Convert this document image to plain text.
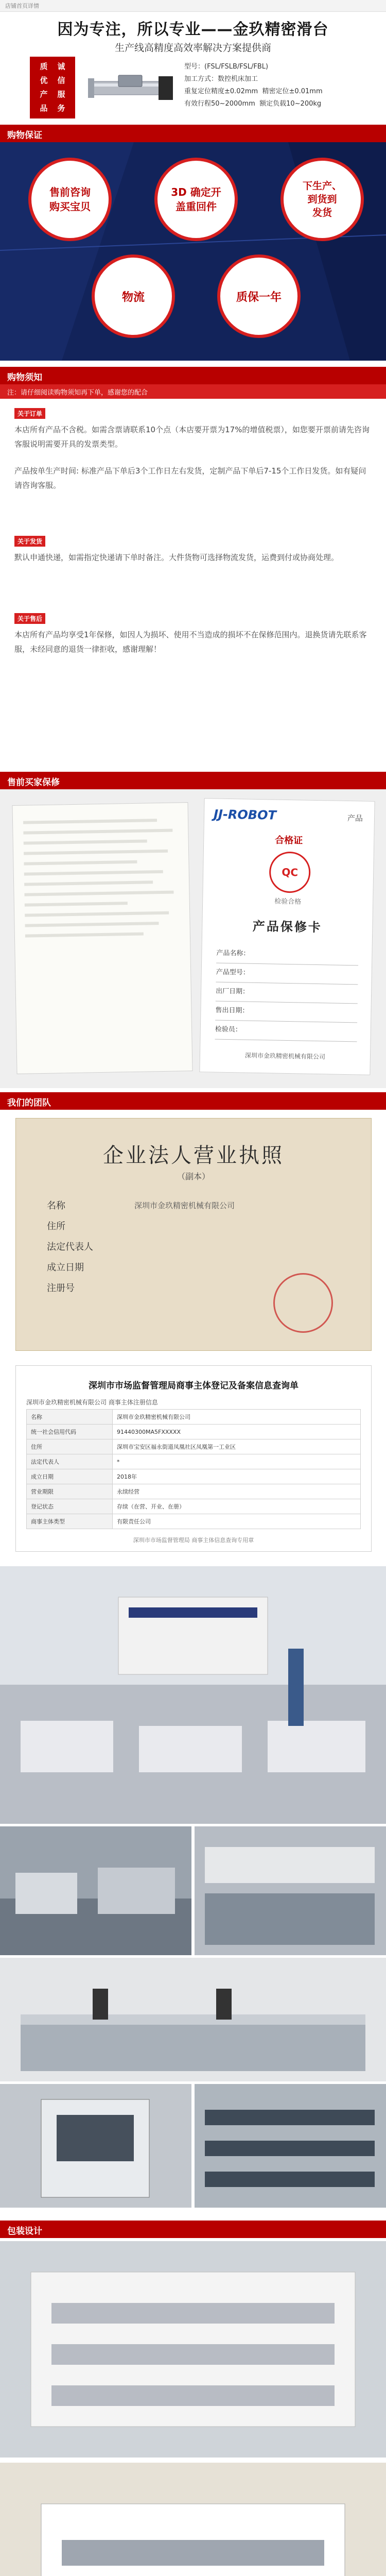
店铺首页详情
因为专注，所以专业——金玖精密滑台
生产线高精度高效率解决方案提供商
质
优
产
品
诚
信
服
务
型号：(FSL/FSLB/FSL/FBL)
加工方式：数控机床加工
重复定位精度±0.02mm 精密定位±0.01mm
有效行程50~2000mm 额定负载10~200kg
购物保证
售前咨询
购买宝贝
3D 确定开
盖重回件
下生产、
到货到
发货
物流	质保一年
购物须知
注：请仔细阅读购物须知再下单，感谢您的配合
关于订单
本店所有产品不含税。如需含票请联系10个点（本店要开票为17%的增值税票），如您要开票前请先咨询客服说明需要开具的发票类型。
产品按单生产时间: 标准产品下单后3个工作日左右发货，定制产品下单后7-15个工作日发货。如有疑问请咨询客服。
关于发货
默认申通快递，如需指定快递请下单时备注。大件货物可选择物流发货，运费到付或协商处理。
关于售后
本店所有产品均享受1年保修，如因人为损坏、使用不当造成的损坏不在保修范围内。退换货请先联系客服，未经同意的退货一律拒收，感谢理解！
售前买家保修
JJ-ROBOT	产品
合格证
QC
检验合格
产品保修卡
产品名称：
产品型号：
出厂日期：
售出日期：
检验员：
深圳市金玖精密机械有限公司
我们的团队
企业法人营业执照
（副本）
名称
住所
法定代表人
成立日期
注册号
深圳市金玖精密机械有限公司
深圳市市场监督管理局商事主体登记及备案信息查询单
深圳市金玖精密机械有限公司 商事主体注册信息
名称	深圳市金玖精密机械有限公司
统一社会信用代码	91440300MA5FXXXXX
住所	深圳市宝安区福永街道凤凰社区凤凰第一工业区
法定代表人	*
成立日期	2018年
营业期限	永续经营
登记状态	存续（在营、开业、在册）
商事主体类型	有限责任公司
深圳市市场监督管理局 商事主体信息查询专用章
包装设计
